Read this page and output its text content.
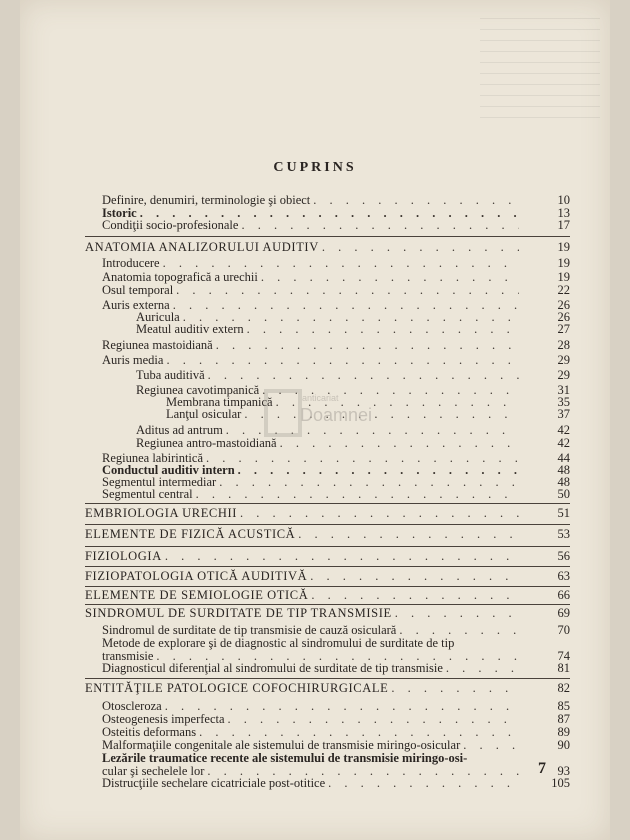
CUPRINS
Definire, denumiri, terminologie şi obiect . . .	10
Istoric . . .	13
Condiţii socio-profesionale . . .	17
ANATOMIA ANALIZORULUI AUDITIV . . .	19
Introducere . . .	19
Anatomia topografică a urechii . . .	19
Osul temporal . . .	22
Auris externa . . .	26
Auricula . . .	26
Meatul auditiv extern . . .	27
Regiunea mastoidiană . . .	28
Auris media . . .	29
Tuba auditivă . . .	29
Regiunea cavotimpanică . . .	31
Membrana timpanică . . .	35
Lanţul osicular . . .	37
Aditus ad antrum . . .	42
Regiunea antro-mastoidiană . . .	42
Regiunea labirintică . . .	44
Conductul auditiv intern . . .	48
Segmentul intermediar . . .	48
Segmentul central . . .	50
EMBRIOLOGIA URECHII . . .	51
ELEMENTE DE FIZICĂ ACUSTICĂ . . .	53
FIZIOLOGIA . . .	56
FIZIOPATOLOGIA OTICĂ AUDITIVĂ . . .	63
ELEMENTE DE SEMIOLOGIE OTICĂ . . .	66
SINDROMUL DE SURDITATE DE TIP TRANSMISIE . . .	69
Sindromul de surditate de tip transmisie de cauză osiculară . . .	70
Metode de explorare şi de diagnostic al sindromului de surditate de tip
transmisie . . .	74
Diagnosticul diferenţial al sindromului de surditate de tip transmisie . . .	81
ENTITĂŢILE PATOLOGICE COFOCHIRURGICALE . . .	82
Otoscleroza . . .	85
Osteogenesis imperfecta . . .	87
Osteitis deformans . . .	89
Malformaţiile congenitale ale sistemului de transmisie miringo-osicular . . .	90
Lezările traumatice recente ale sistemului de transmisie miringo-osi-
cular şi sechelele lor . . .	93
Distrucţiile sechelare cicatriciale post-otitice . . .	105
anticariat
Doamnei
7
